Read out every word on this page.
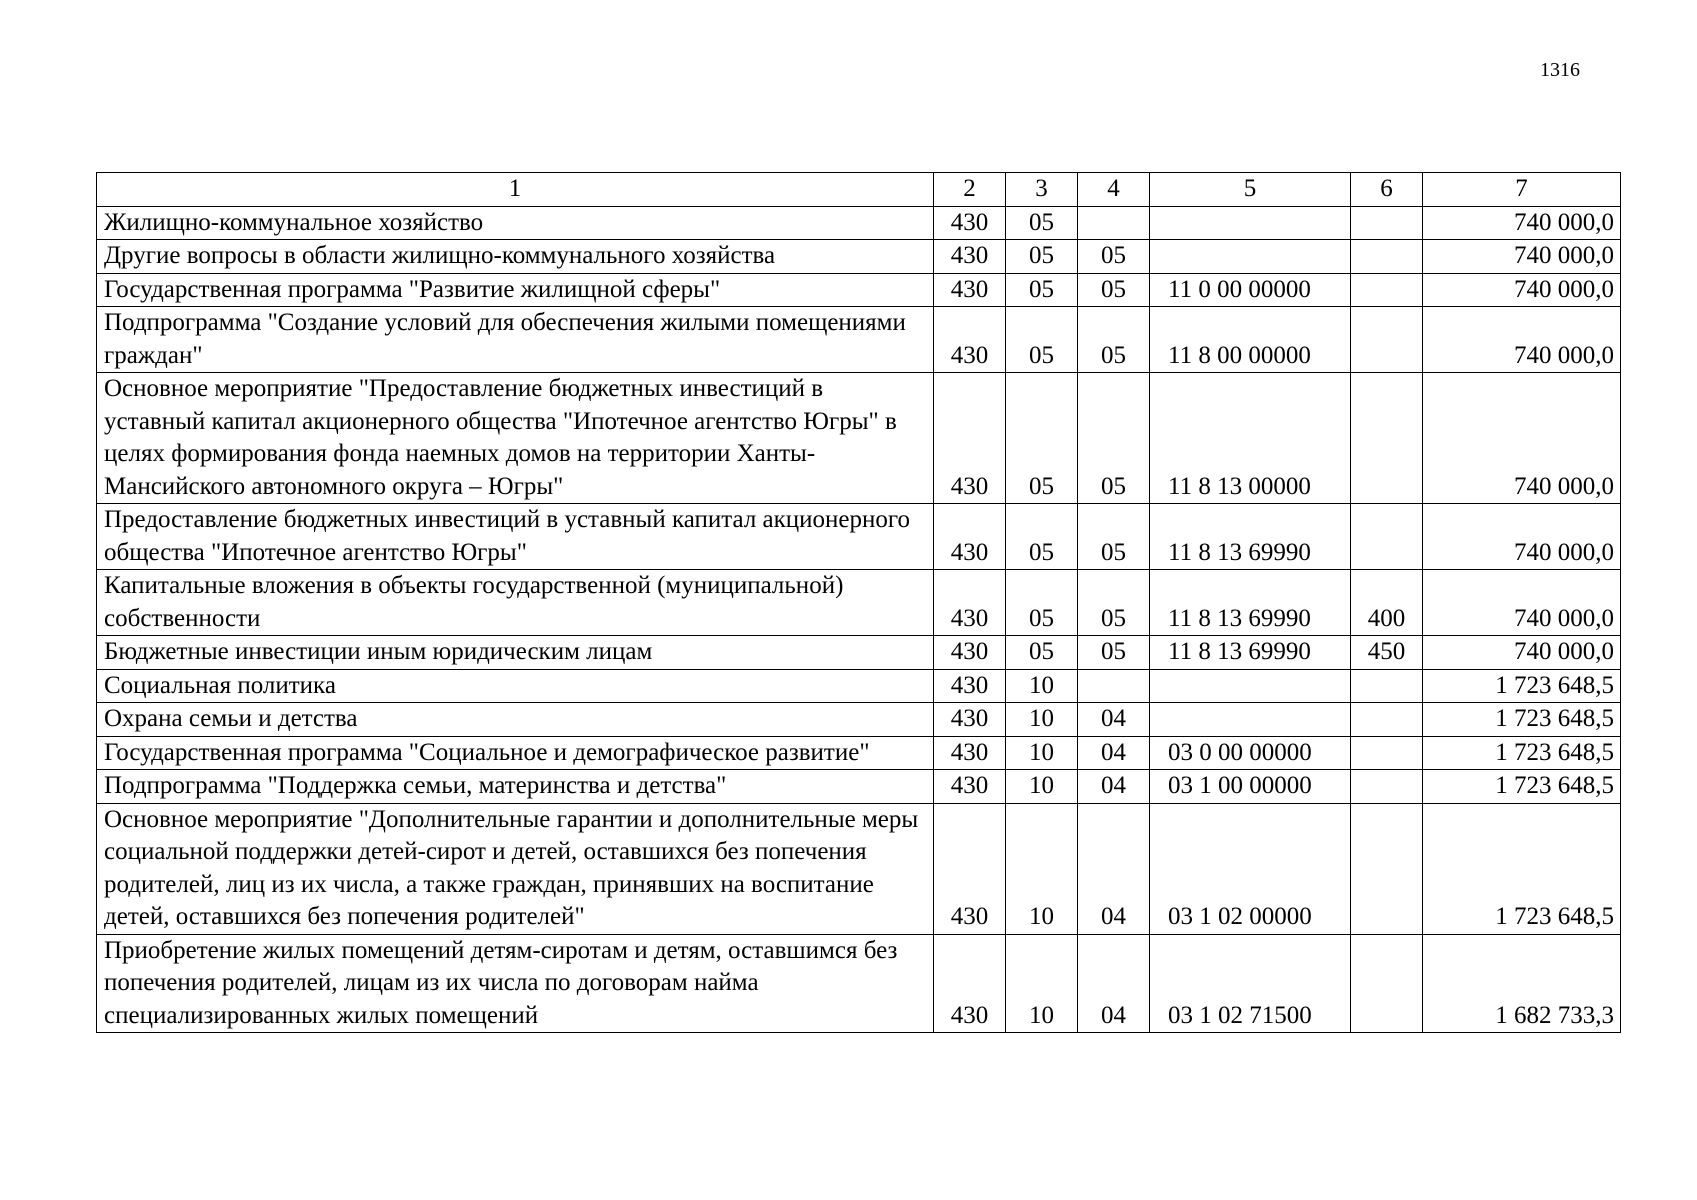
1316
1	2	3	4	5	6	7
Жилищно-коммунальное хозяйство	430	05				740 000,0
Другие вопросы в области жилищно-коммунального хозяйства	430	05	05			740 000,0
Государственная программа "Развитие жилищной сферы"	430	05	05	11 0 00 00000		740 000,0
Подпрограмма "Создание условий для обеспечения жилыми помещениями граждан"	430	05	05	11 8 00 00000		740 000,0
Основное мероприятие "Предоставление бюджетных инвестиций в уставный капитал акционерного общества "Ипотечное агентство Югры" в целях формирования фонда наемных домов на территории Ханты-Мансийского автономного округа – Югры"	430	05	05	11 8 13 00000		740 000,0
Предоставление бюджетных инвестиций в уставный капитал акционерного общества "Ипотечное агентство Югры"	430	05	05	11 8 13 69990		740 000,0
Капитальные вложения в объекты государственной (муниципальной) собственности	430	05	05	11 8 13 69990	400	740 000,0
Бюджетные инвестиции иным юридическим лицам	430	05	05	11 8 13 69990	450	740 000,0
Социальная политика	430	10				1 723 648,5
Охрана семьи и детства	430	10	04			1 723 648,5
Государственная программа "Социальное и демографическое развитие"	430	10	04	03 0 00 00000		1 723 648,5
Подпрограмма "Поддержка семьи, материнства и детства"	430	10	04	03 1 00 00000		1 723 648,5
Основное мероприятие "Дополнительные гарантии и дополнительные меры социальной поддержки детей-сирот и детей, оставшихся без попечения родителей, лиц из их числа, а также граждан, принявших на воспитание детей, оставшихся без попечения родителей"	430	10	04	03 1 02 00000		1 723 648,5
Приобретение жилых помещений детям-сиротам и детям, оставшимся без попечения родителей, лицам из их числа по договорам найма специализированных жилых помещений	430	10	04	03 1 02 71500		1 682 733,3
